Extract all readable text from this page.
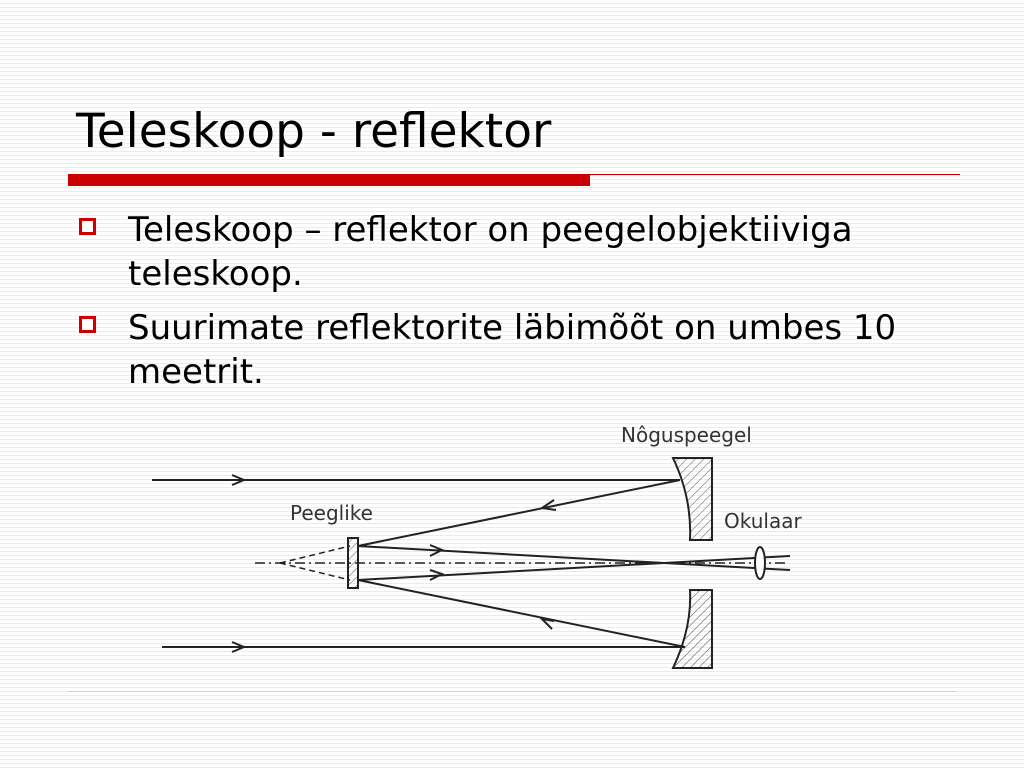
Teleskoop - reflektor
Teleskoop – reflektor on peegelobjektiiviga teleskoop.
Suurimate reflektorite läbimõõt on umbes 10 meetrit.
Nôguspeegel
Peeglike	Okulaar
